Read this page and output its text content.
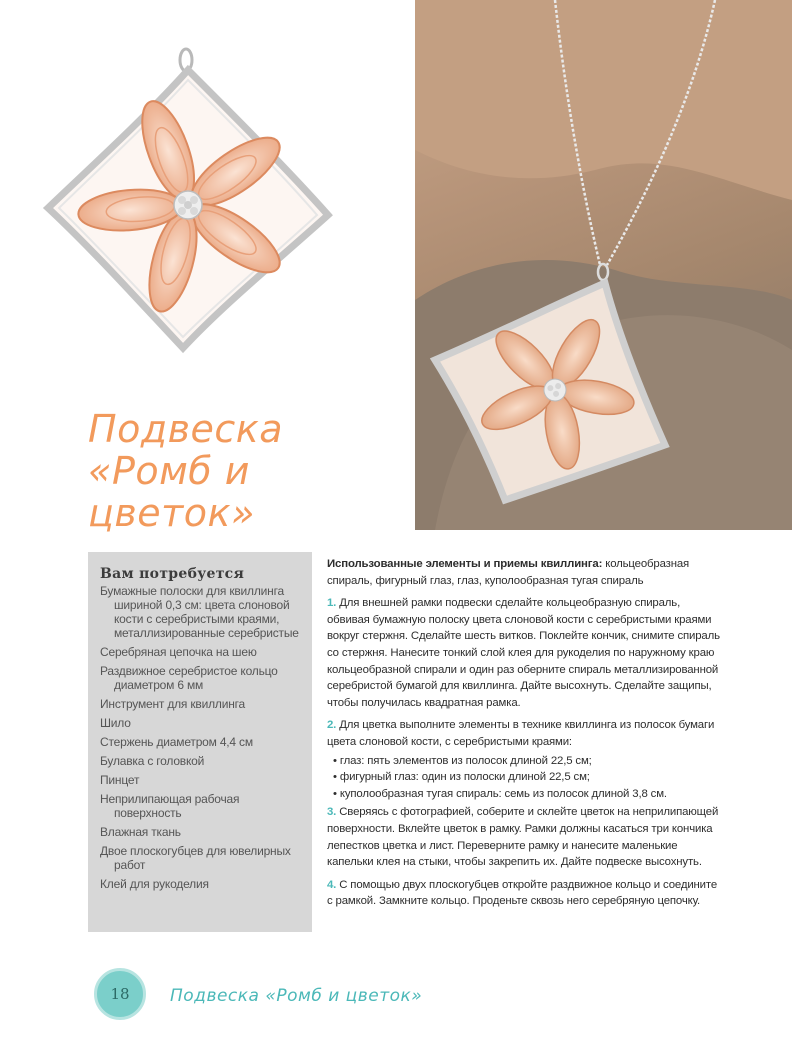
Подвеска
«Ромб и
цветок»
Вам потребуется
Бумажные полоски для квиллинга
шириной 0,3 см: цвета слоновой
кости с серебристыми краями,
металлизированные серебристые
Серебряная цепочка на шею
Раздвижное серебристое кольцо
диаметром 6 мм
Инструмент для квиллинга
Шило
Стержень диаметром 4,4 см
Булавка с головкой
Пинцет
Неприлипающая рабочая
поверхность
Влажная ткань
Двое плоскогубцев для ювелирных
работ
Клей для рукоделия

Использованные элементы и приемы квиллинга: кольцеобразная спираль, фигурный глаз, глаз, куполообразная тугая спираль

1. Для внешней рамки подвески сделайте кольцеобразную спираль, обвивая бумажную полоску цвета слоновой кости с серебристыми краями вокруг стержня. Сделайте шесть витков. Поклейте кончик, снимите спираль со стержня. Нанесите тонкий слой клея для рукоделия по наружному краю кольцеобразной спирали и один раз оберните спираль металлизированной серебристой бумагой для квиллинга. Дайте высохнуть. Сделайте защипы, чтобы получилась квадратная рамка.

2. Для цветка выполните элементы в технике квиллинга из полосок бумаги цвета слоновой кости, с серебристыми краями:

• глаз: пять элементов из полосок длиной 22,5 см;
• фигурный глаз: один из полоски длиной 22,5 см;
• куполообразная тугая спираль: семь из полосок длиной 3,8 см.

3. Сверяясь с фотографией, соберите и склейте цветок на неприлипающей поверхности. Вклейте цветок в рамку. Рамки должны касаться три кончика лепестков цветка и лист. Переверните рамку и нанесите маленькие капельки клея на стыки, чтобы закрепить их. Дайте подвеске высохнуть.

4. С помощью двух плоскогубцев откройте раздвижное кольцо и соедините с рамкой. Замкните кольцо. Проденьте сквозь него серебряную цепочку.

18 Подвеска «Ромб и цветок»
